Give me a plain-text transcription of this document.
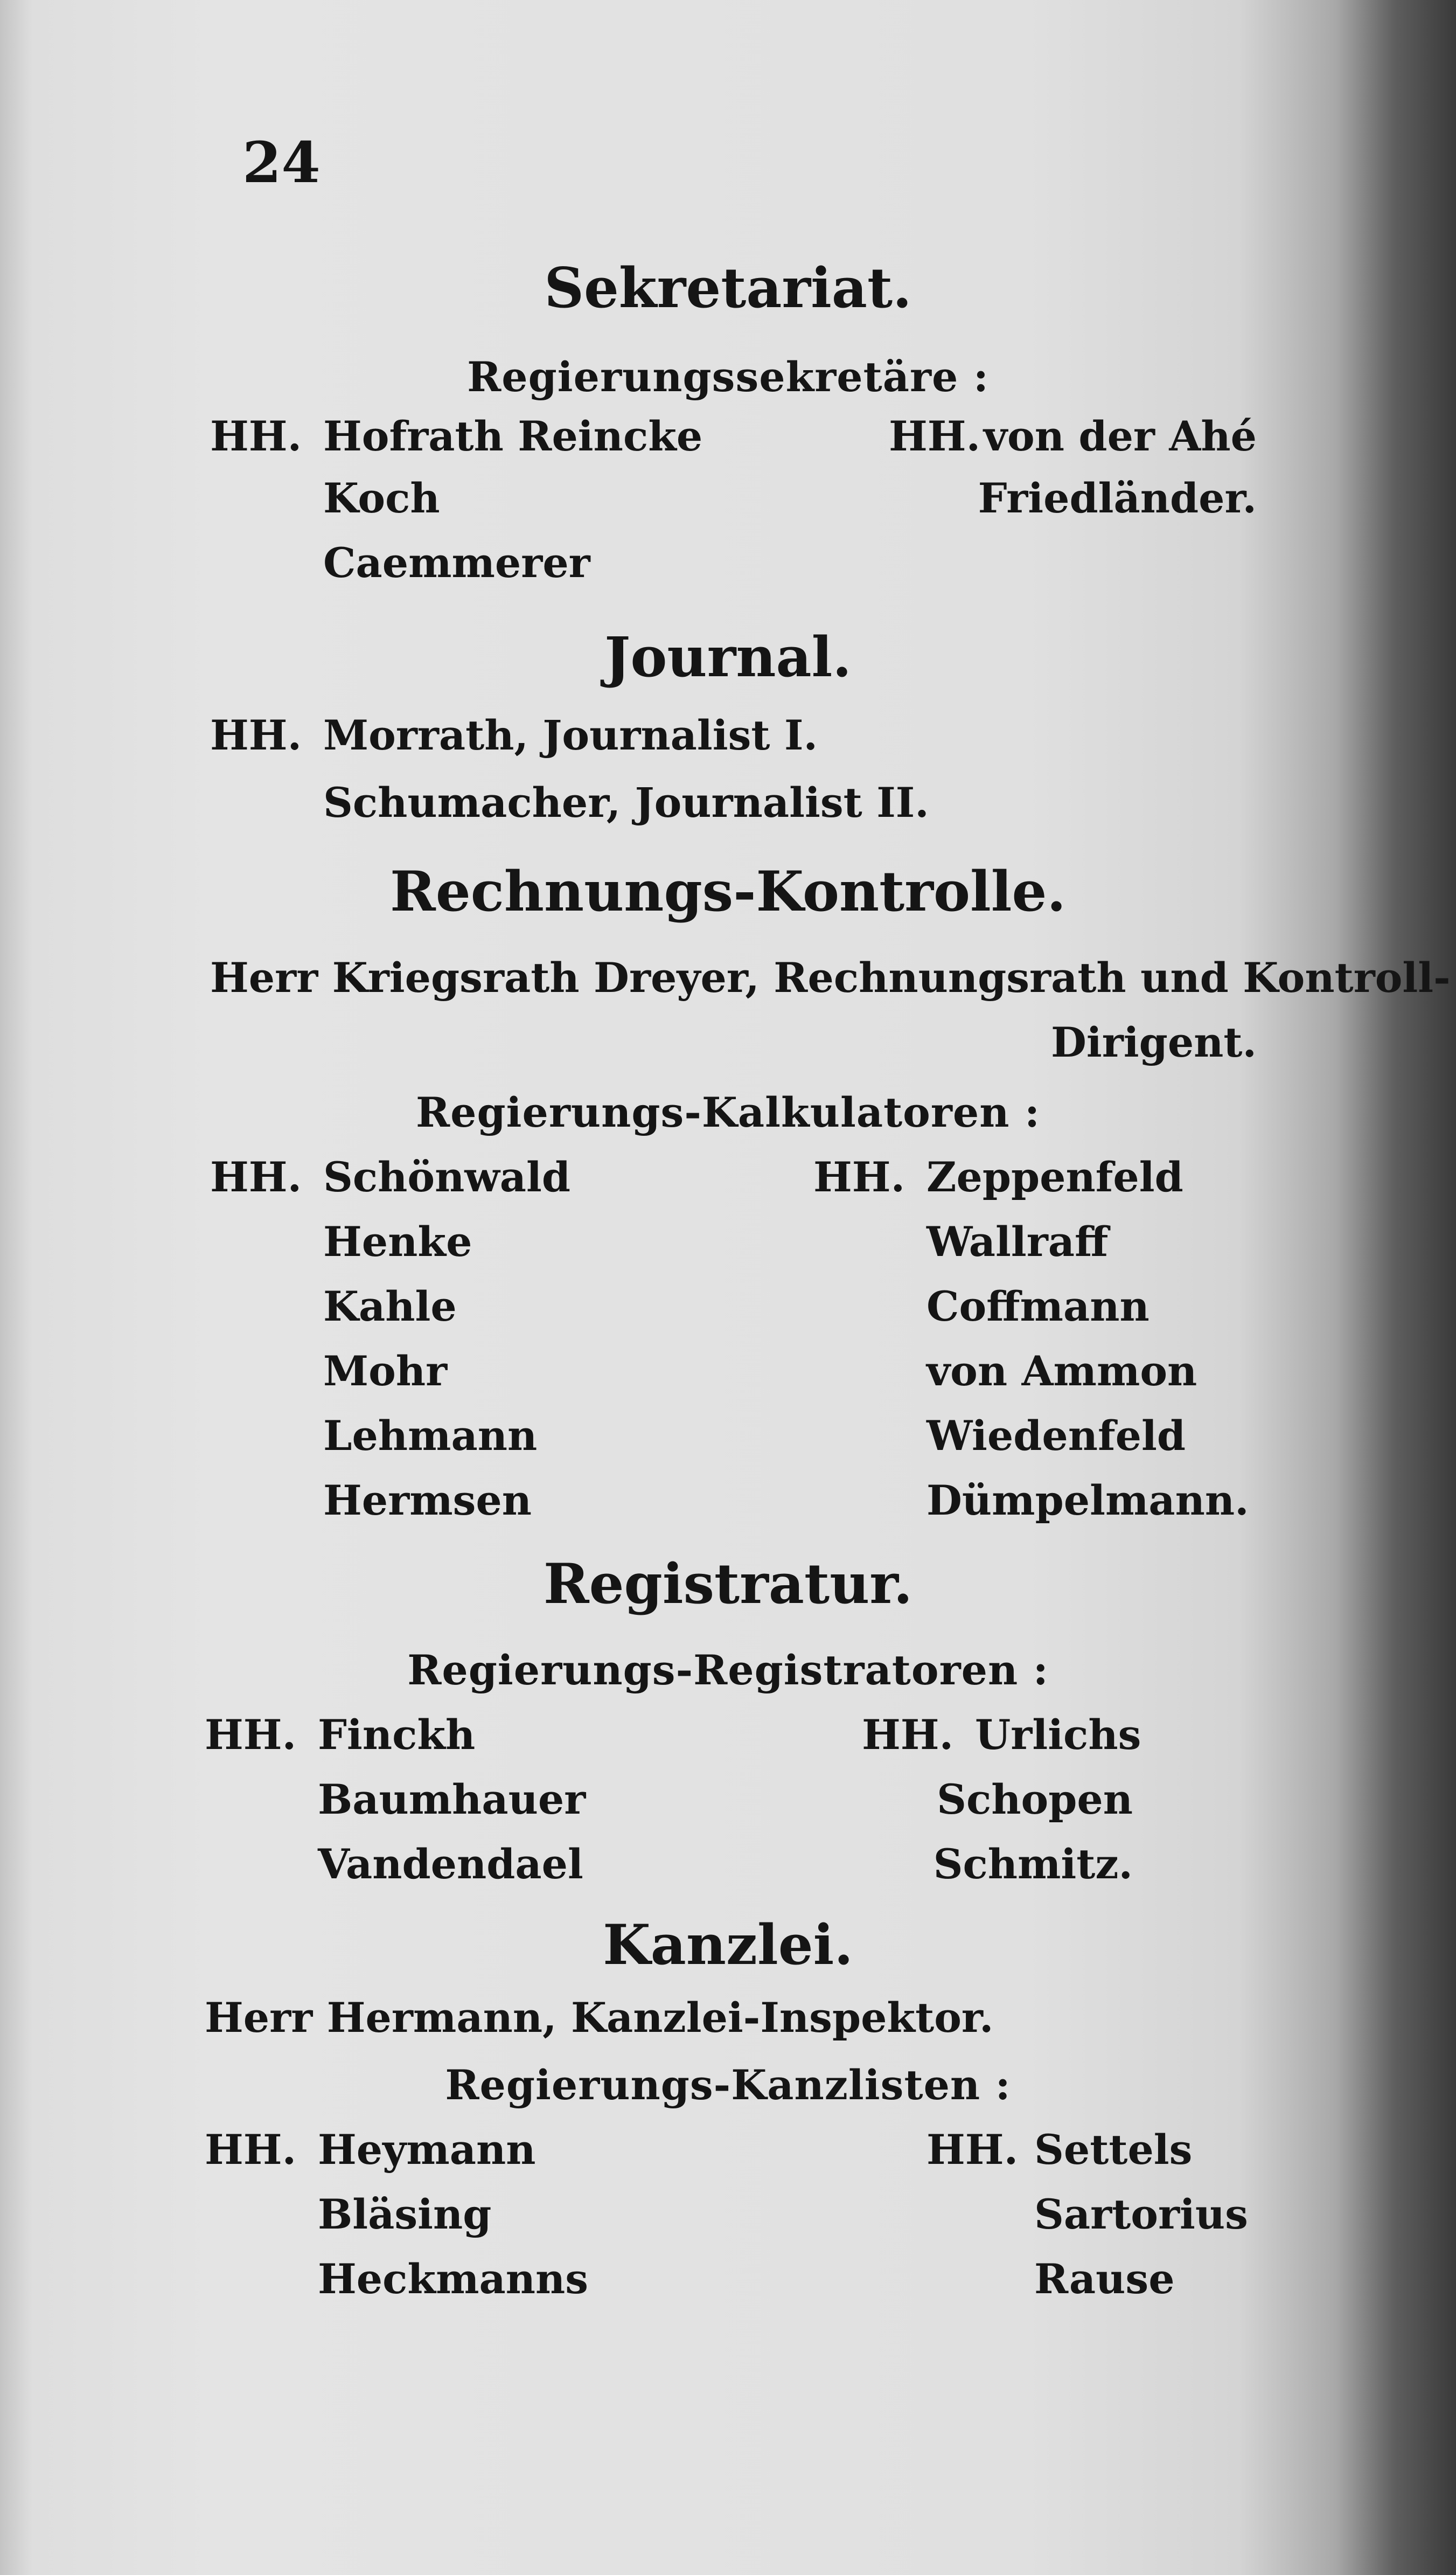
24
Sekretariat.
Regierungssekretäre :
HH. Hofrath Reincke
Koch
Caemmerer
HH. von der Ahé
Friedländer.
Journal.
HH. Morrath, Journalist I.
Schumacher, Journalist II.
Rechnungs-Kontrolle.
Herr Kriegsrath Dreyer, Rechnungsrath und Kontroll-
Dirigent.
Regierungs-Kalkulatoren :
HH. Schönwald
Henke
Kahle
Mohr
Lehmann
Hermsen
HH. Zeppenfeld
Wallraff
Coffmann
von Ammon
Wiedenfeld
Dümpelmann.
Registratur.
Regierungs-Registratoren :
HH. Finckh
Baumhauer
Vandendael
HH. Urlichs
Schopen
Schmitz.
Kanzlei.
Herr Hermann, Kanzlei-Inspektor.
Regierungs-Kanzlisten :
HH. Heymann
Bläsing
Heckmanns
HH. Settels
Sartorius
Rause
